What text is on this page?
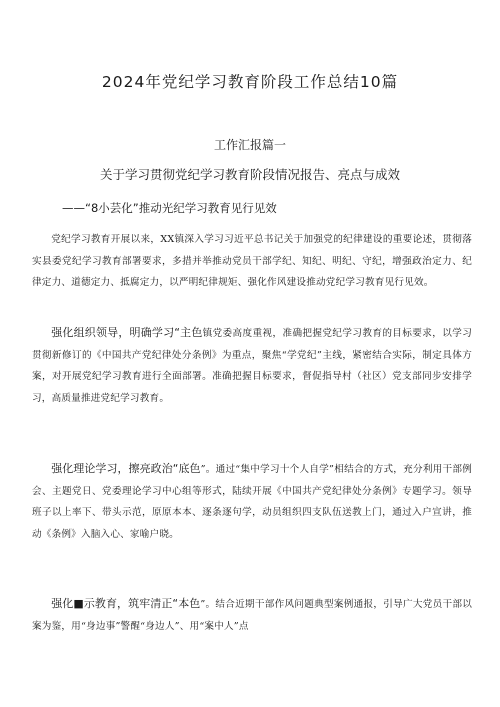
2024年党纪学习教育阶段工作总结10篇
工作汇报篇一
关于学习贯彻党纪学习教育阶段情况报告、亮点与成效
——“8小芸化”推动光纪学习教育见行见效

党纪学习教育开展以来，XX镇深入学习习近平总书记关于加强党的纪律建设的重要论述，贯彻落实县委党纪学习教育部署要求，多措并举推动党员干部学纪、知纪、明纪、守纪，增强政治定力、纪律定力、道德定力、抵腐定力，以严明纪律规矩、强化作风建设推动党纪学习教育见行见效。

强化组织领导，明确学习“主色镇党委高度重视，准确把握党纪学习教育的目标要求，以学习贯彻新修订的《中国共产党纪律处分条例》为重点，聚焦“学党纪”主线，紧密结合实际，制定具体方案，对开展党纪学习教育进行全面部署。准确把握目标要求，督促指导村（社区）党支部同步安排学习，高质量推进党纪学习教育。

强化理论学习，擦亮政治“底色”。通过“集中学习十个人自学”相结合的方式，充分利用干部例会、主题党日、党委理论学习中心组等形式，陆续开展《中国共产党纪律处分条例》专题学习。领导班子以上率下、带头示范，原原本本、逐条逐句学，动员组织四支队伍送教上门，通过入户宣讲，推动《条例》入脑入心、家喻户晓。

强化■示教育，筑牢清正“本色”。结合近期干部作风问题典型案例通报，引导广大党员干部以案为鉴，用“身边事”警醒“身边人”、用“案中人”点
